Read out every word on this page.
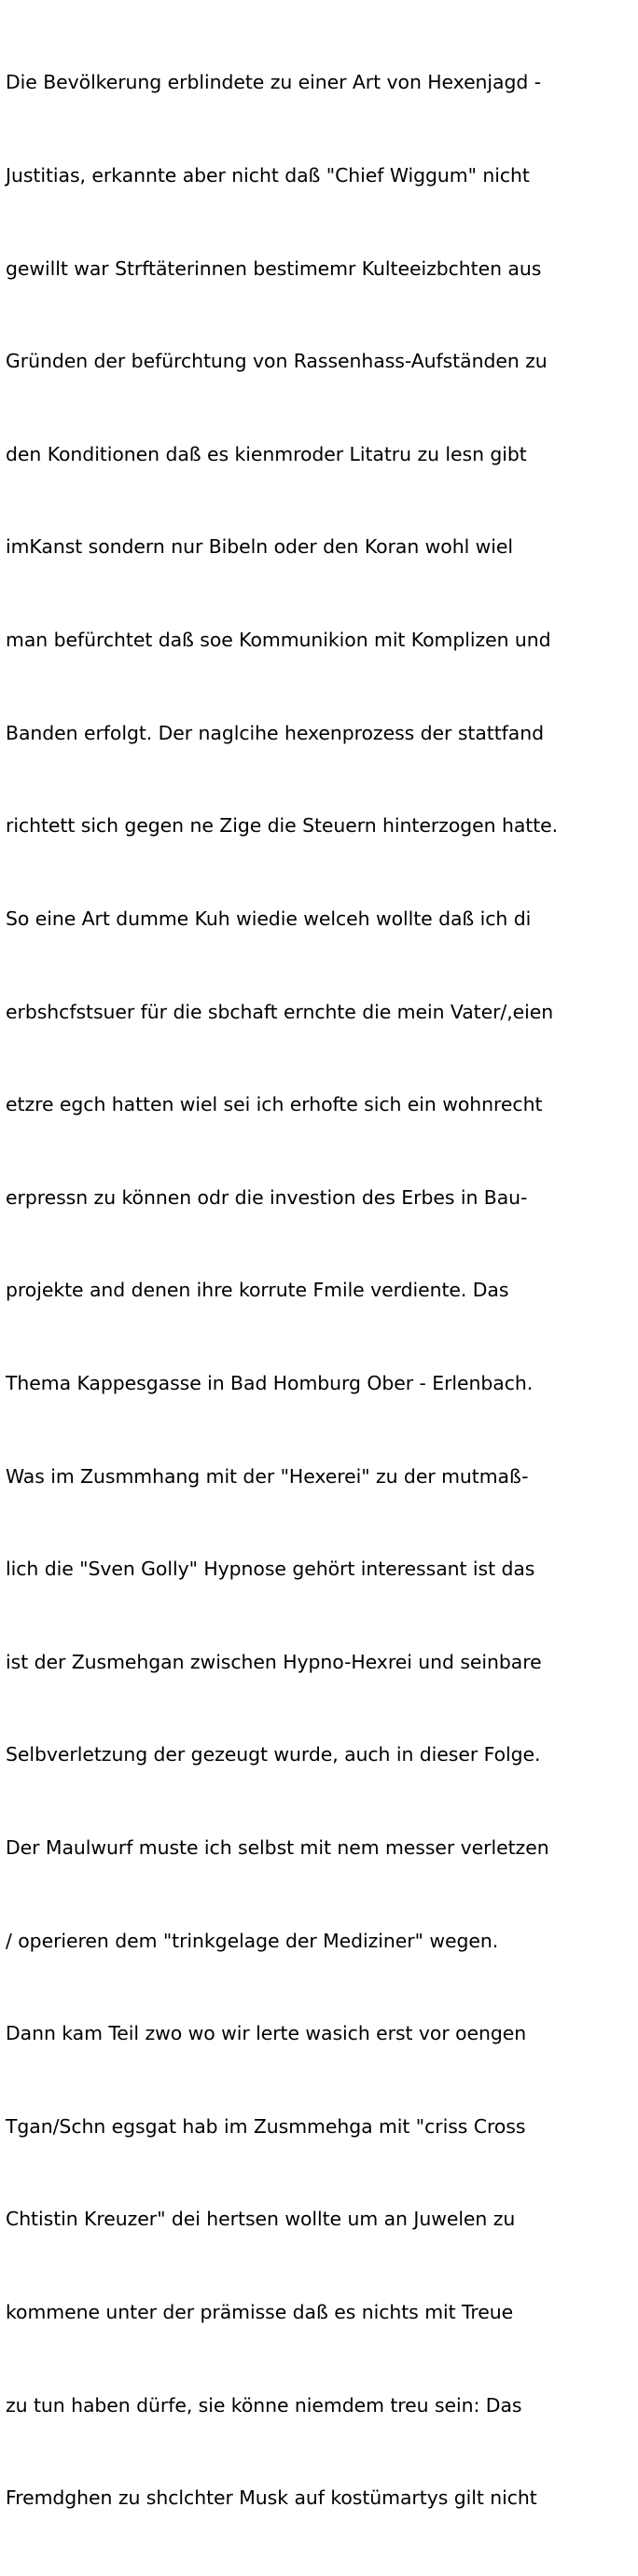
Die Bevölkerung erblindete zu einer Art von Hexenjagd -

Justitias, erkannte aber nicht daß "Chief Wiggum" nicht

gewillt war Strftäterinnen bestimemr Kulteeizbchten aus

Gründen der befürchtung von Rassenhass-Aufständen zu

den Konditionen daß es kienmroder Litatru zu lesn gibt

imKanst sondern nur Bibeln oder den Koran wohl wiel

man befürchtet daß soe Kommunikion mit Komplizen und

Banden erfolgt. Der naglcihe hexenprozess der stattfand

richtett sich gegen ne Zige die Steuern hinterzogen hatte.

So eine Art dumme Kuh wiedie welceh wollte daß ich di

erbshcfstsuer für die sbchaft ernchte die mein Vater/,eien

etzre egch hatten wiel sei ich erhofte sich ein wohnrecht

erpressn zu können odr die investion des Erbes in Bau-

projekte and denen ihre korrute Fmile verdiente. Das

Thema Kappesgasse in Bad Homburg Ober - Erlenbach.

Was im Zusmmhang mit der "Hexerei" zu der mutmaß-

lich die "Sven Golly" Hypnose gehört interessant ist das

ist der Zusmehgan zwischen Hypno-Hexrei und seinbare

Selbverletzung der gezeugt wurde, auch in dieser Folge.

Der Maulwurf muste ich selbst mit nem messer verletzen

/ operieren dem "trinkgelage der Mediziner" wegen.

Dann kam Teil zwo wo wir lerte wasich erst vor oengen

Tgan/Schn egsgat hab im Zusmmehga mit "criss Cross

Chtistin Kreuzer" dei hertsen wollte um an Juwelen zu

kommene unter der prämisse daß es nichts mit Treue

zu tun haben dürfe, sie könne niemdem treu sein: Das

Fremdghen zu shclchter Musk auf kostümartys gilt nicht
